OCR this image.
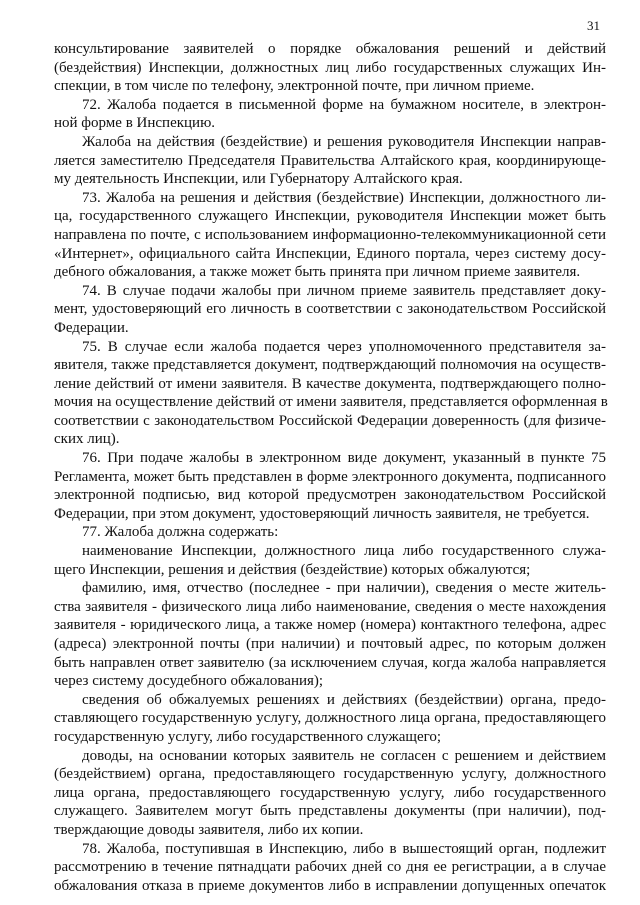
31

консультирование заявителей о порядке обжалования решений и действий
(бездействия) Инспекции, должностных лиц либо государственных служащих Ин-
спекции, в том числе по телефону, электронной почте, при личном приеме.

72. Жалоба подается в письменной форме на бумажном носителе, в электрон-
ной форме в Инспекцию.

Жалоба на действия (бездействие) и решения руководителя Инспекции направ-
ляется заместителю Председателя Правительства Алтайского края, координирующе-
му деятельность Инспекции, или Губернатору Алтайского края.

73. Жалоба на решения и действия (бездействие) Инспекции, должностного ли-
ца, государственного служащего Инспекции, руководителя Инспекции может быть
направлена по почте, с использованием информационно-телекоммуникационной сети
«Интернет», официального сайта Инспекции, Единого портала, через систему досу-
дебного обжалования, а также может быть принята при личном приеме заявителя.

74. В случае подачи жалобы при личном приеме заявитель представляет доку-
мент, удостоверяющий его личность в соответствии с законодательством Российской
Федерации.

75. В случае если жалоба подается через уполномоченного представителя за-
явителя, также представляется документ, подтверждающий полномочия на осуществ-
ление действий от имени заявителя. В качестве документа, подтверждающего полно-
мочия на осуществление действий от имени заявителя, представляется оформленная в
соответствии с законодательством Российской Федерации доверенность (для физиче-
ских лиц).

76. При подаче жалобы в электронном виде документ, указанный в пункте 75
Регламента, может быть представлен в форме электронного документа, подписанного
электронной подписью, вид которой предусмотрен законодательством Российской
Федерации, при этом документ, удостоверяющий личность заявителя, не требуется.

77. Жалоба должна содержать:

наименование Инспекции, должностного лица либо государственного служа-
щего Инспекции, решения и действия (бездействие) которых обжалуются;

фамилию, имя, отчество (последнее - при наличии), сведения о месте житель-
ства заявителя - физического лица либо наименование, сведения о месте нахождения
заявителя - юридического лица, а также номер (номера) контактного телефона, адрес
(адреса) электронной почты (при наличии) и почтовый адрес, по которым должен
быть направлен ответ заявителю (за исключением случая, когда жалоба направляется
через систему досудебного обжалования);

сведения об обжалуемых решениях и действиях (бездействии) органа, предо-
ставляющего государственную услугу, должностного лица органа, предоставляющего
государственную услугу, либо государственного служащего;

доводы, на основании которых заявитель не согласен с решением и действием
(бездействием) органа, предоставляющего государственную услугу, должностного
лица органа, предоставляющего государственную услугу, либо государственного
служащего. Заявителем могут быть представлены документы (при наличии), под-
тверждающие доводы заявителя, либо их копии.

78. Жалоба, поступившая в Инспекцию, либо в вышестоящий орган, подлежит
рассмотрению в течение пятнадцати рабочих дней со дня ее регистрации, а в случае
обжалования отказа в приеме документов либо в исправлении допущенных опечаток
